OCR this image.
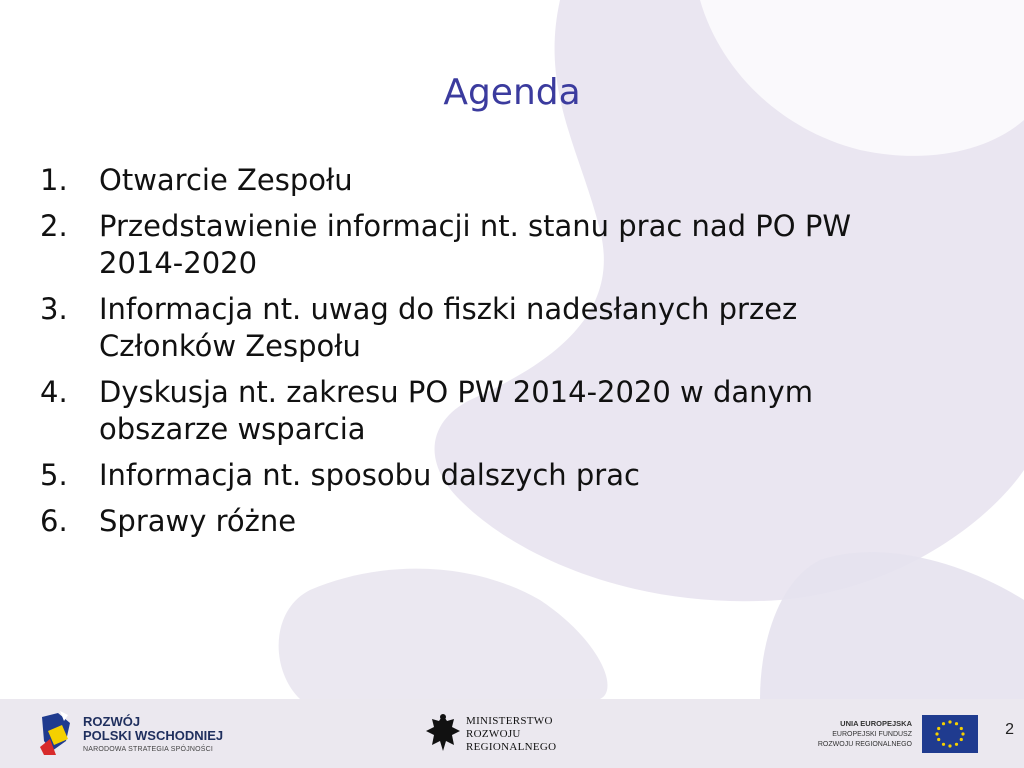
Agenda
1. Otwarcie Zespołu
2. Przedstawienie informacji nt. stanu prac nad PO PW 2014-2020
3. Informacja nt. uwag do fiszki nadesłanych przez Członków Zespołu
4. Dyskusja nt. zakresu PO PW 2014-2020 w danym obszarze wsparcia
5. Informacja nt. sposobu dalszych prac
6. Sprawy różne
ROZWÓJ
POLSKI WSCHODNIEJ
NARODOWA STRATEGIA SPÓJNOŚCI
MINISTERSTWO
ROZWOJU
REGIONALNEGO
UNIA EUROPEJSKA
EUROPEJSKI FUNDUSZ
ROZWOJU REGIONALNEGO
2
